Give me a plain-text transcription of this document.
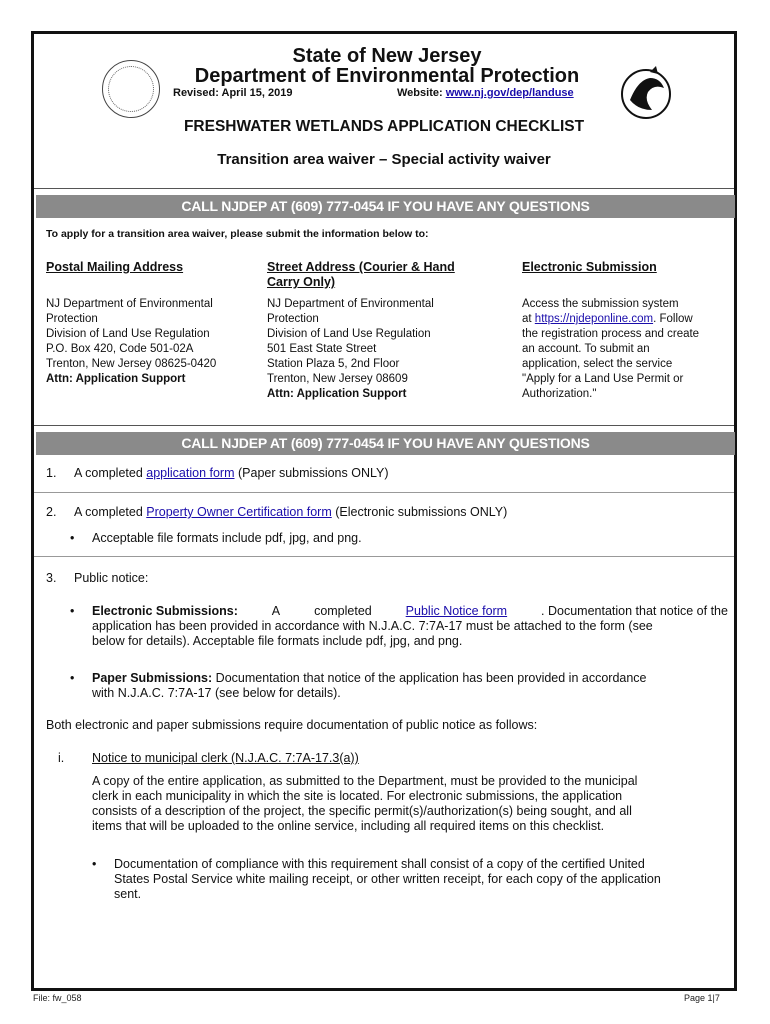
State of New Jersey
Department of Environmental Protection
Revised: April 15, 2019	Website: www.nj.gov/dep/landuse
FRESHWATER WETLANDS APPLICATION CHECKLIST
Transition area waiver – Special activity waiver
CALL NJDEP AT (609) 777-0454 IF YOU HAVE ANY QUESTIONS
To apply for a transition area waiver, please submit the information below to:
Postal Mailing Address
NJ Department of Environmental
Protection
Division of Land Use Regulation
P.O. Box 420, Code 501-02A
Trenton, New Jersey 08625-0420
Attn: Application Support
Street Address (Courier & Hand
Carry Only)
NJ Department of Environmental
Protection
Division of Land Use Regulation
501 East State Street
Station Plaza 5, 2nd Floor
Trenton, New Jersey 08609
Attn: Application Support
Electronic Submission
Access the submission system
at https://njdeponline.com. Follow
the registration process and create
an account. To submit an
application, select the service
"Apply for a Land Use Permit or
Authorization."
CALL NJDEP AT (609) 777-0454 IF YOU HAVE ANY QUESTIONS
1. A completed application form (Paper submissions ONLY)
2. A completed Property Owner Certification form (Electronic submissions ONLY)
• Acceptable file formats include pdf, jpg, and png.
3. Public notice:
• Electronic Submissions:	A	completed	Public Notice form	. Documentation that notice of the
application has been provided in accordance with N.J.A.C. 7:7A-17 must be attached to the form (see
below for details). Acceptable file formats include pdf, jpg, and png.
• Paper Submissions: Documentation that notice of the application has been provided in accordance
with N.J.A.C. 7:7A-17 (see below for details).
Both electronic and paper submissions require documentation of public notice as follows:
i. Notice to municipal clerk (N.J.A.C. 7:7A-17.3(a))
A copy of the entire application, as submitted to the Department, must be provided to the municipal
clerk in each municipality in which the site is located. For electronic submissions, the application
consists of a description of the project, the specific permit(s)/authorization(s) being sought, and all
items that will be uploaded to the online service, including all required items on this checklist.
• Documentation of compliance with this requirement shall consist of a copy of the certified United
States Postal Service white mailing receipt, or other written receipt, for each copy of the application
sent.
File: fw_058	Page 1|7
